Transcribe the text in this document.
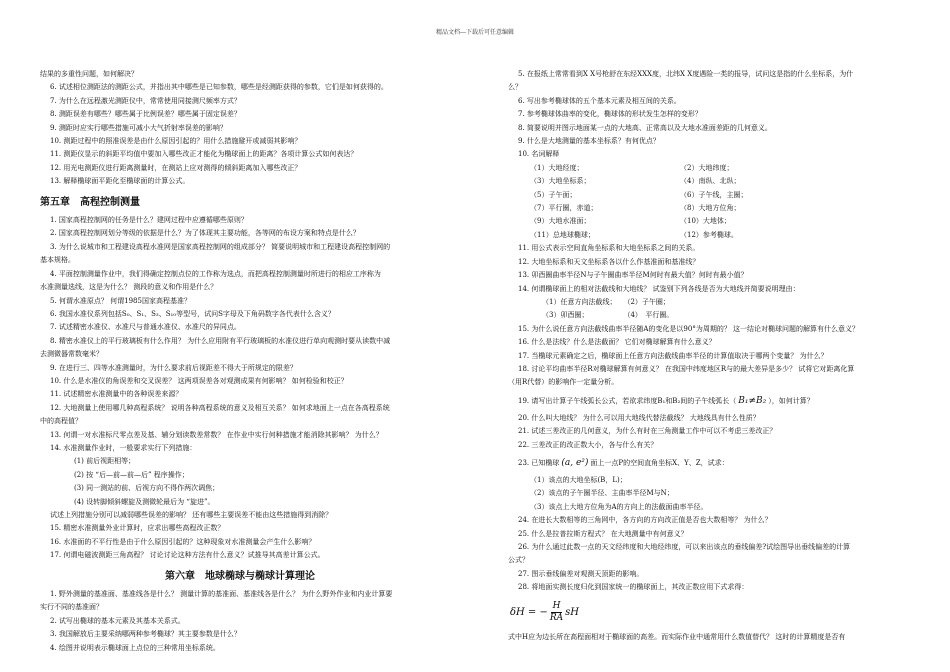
精品文档---下载后可任意编辑

结果的多重性问题，如何解决？

6. 试述相位测距法的测距公式，并指出其中哪些是已知参数，哪些是经测距获得的参数，它们是如何获得的。

7. 为什么在远程激光测距仪中，常常使用同接测尺频率方式？

8. 测距误差有哪些？哪些属于比例误差？哪些属于固定误差？

9. 测距时应实行哪些措施可减小大气折射率误差的影响？

10. 测距过程中的照准误差是由什么原因引起的？用什么措施避开或减弱其影响？

11. 测距仪显示的斜距平均值中要加入哪些改正才能化为椭球面上的距离？各项计算公式如何表达？

12. 用光电测距仪进行距离测量时，在测站上应对测得的倾斜距离加入哪些改正？

13. 解释椭球面平距化至椭球面的计算公式。

第五章　高程控制测量

1. 国家高程控制网的任务是什么？建网过程中应遵循哪些原则？

2. 国家高程控制网划分等级的依据是什么？为了体现其主要功能，各等网的布设方案和特点是什么？

3. 为什么说城市和工程建设高程水准网是国家高程控制网的组成部分？ 简要说明城市和工程建设高程控制网的

基本规格。

4. 平面控制测量作业中，我们得确定控制点位的工作称为选点，而把高程控制测量时所进行的相应工序称为

水准测量选线，这是为什么？ 测段的意义和作用是什么？

5. 何谓水准原点？ 何谓1985国家高程基准？

6. 我国水准仪系列包括S₀、S₁、S₃、S₁₀等型号，试问S字母及下角码数字各代表什么含义？

7. 试述精密水准仪、水准尺与普通水准仪、水准尺的异同点。

8. 精密水准仪上的平行玻璃板有什么作用？ 为什么应用附有平行玻璃板的水准仪进行单向观测时要从读数中减

去测微器常数毫米？

9. 在进行三、四等水准测量时，为什么要求前后视距差不得大于所规定的限差？

10. 什么是水准仪的角误差和交叉误差？ 这两项误差各对观测成果有何影响？ 如何检验和校正？

11. 试述精密水准测量中的各种误差来源？

12. 大地测量上使用哪几种高程系统？ 说明各种高程系统的意义及相互关系？ 如何求地面上一点在各高程系统

中的高程值？

13. 何谓一对水准标尺零点差及基、辅分划读数差常数？ 在作业中实行何种措施才能消除其影响？ 为什么？

14. 水准测量作业时，一般要求实行下列措施：

(1) 前后视距相等；

(2) 按 “后—前—前—后” 程序操作；

(3) 同一测站的前、后视方向不得作两次调焦；

(4) 设转脚倾斜螺旋及测微轮最后为 “旋进”。

试述上列措施分别可以减弱哪些误差的影响？ 还有哪些主要误差不能由这些措施得到消除？

15. 精密水准测量外业计算时，应求出哪些高程改正数？

16. 水准面的不平行性是由于什么原因引起的？这种现象对水准测量会产生什么影响？

17. 何谓电磁波测距三角高程？ 讨论讨论这种方法有什么意义？试推导其高差计算公式。

第六章　地球椭球与椭球计算理论

1. 野外测量的基准面、基准线各是什么？ 测量计算的基准面、基准线各是什么？ 为什么野外作业和内业计算要

实行不同的基准面？

2. 试写出椭球的基本元素及其基本关系式。

3. 我国解放后主要采纳哪两种参考椭球？其主要参数是什么？

4. 绘图并说明表示椭球面上点位的三种常用坐标系统。

5. 在报纸上常常看到X X号枪舒在东经XXX度，北纬X X度遇险一类的报导，试问这是指的什么坐标系，为什

么？

6. 写出参考椭球体的五个基本元素及相互间的关系。

7. 参考椭球体曲率的变化，椭球体的形状发生怎样的变形？

8. 简要说明并图示地面某一点的大地高、正常高以及大地水准面差距的几何意义。

9. 什么是大地测量的基本坐标系？有何优点？

10. 名词解释

（1）大地经度；	（2）大地纬度；
（3）大地坐标系；	（4）南纵、北纵；
（5）子午面；	（6）子午线，主圈；
（7）平行圈，赤道；	（8）大地方位角；
（9）大地水准面；	（10）大地体；
（11）总地球椭球；	（12）参考椭球。

11. 用公式表示空间直角坐标系和大地坐标系之间的关系。

12. 大地坐标系和天文坐标系各以什么作基准面和基准线？

13. 卯酉圈曲率半径N与子午圈曲率半径M何时有最大值？何时有最小值？

14. 何谓椭球面上的相对法截线和大地线？ 试鉴别下列各线是否为大地线并简要说明理由：

（1）任意方向法截线；　　（2）子午圈；

（3）卯酉圈；　　　　　　（4）　平行圈。

15. 为什么说任意方向法截线曲率半径随A的变化是以90°为周期的？ 这一结论对椭球问题的解算有什么意义？

16. 什么是法线？什么是法截面？ 它们对椭球解算有什么意义？

17. 当椭球元素确定之后，椭球面上任意方向法截线曲率半径的计算值取决于哪两个变量？ 为什么？

18. 讨论平均曲率半径R对椭球解算有何意义？ 在我国中纬度地区R与的最大差异是多少？ 试将它对距离化算

（用R代替）的影响作一定量分析。

19. 请写出计算子午线弧长公式，若欲求纬度B₁和B₂间的子午线弧长（ B₁≠B₂ ），如何计算？

20. 什么叫大地线？ 为什么可以用大地线代替法截线？ 大地线具有什么性质？

21. 试述三差改正的几何意义，为什么有时在三角测量工作中可以不考虑三差改正？

22. 三差改正的改正数大小，各与什么有关？

23. 已知椭球 (a, e²) 面上一点P的空间直角坐标X、Y、Z，试求：

（1）该点的大地坐标(B，L)；

（2）该点的子午圈半径、主曲率半径M与N；

（3）该点上大地方位角为A的方向上的法截面曲率半径。

24. 在进长大数相等的三角网中，各方向的方向改正值是否也大数相等？ 为什么？

25. 什么是拉普拉斯方程式？ 在大地测量中有何意义？

26. 为什么通过此数一点的天文经纬度和大地经纬度，可以来出该点的垂线偏差?试绘图导出垂线偏差的计算

公式？

27. 图示垂线偏差对观测天顶距的影响。

28. 将地面实测长度归化到国家统一的椭球面上，其改正数应用下式求得：

δH = − $\frac{H}{RA}$ sH

式中H应为边长所在高程面相对于椭球面的高差。而实际作业中通常用什么数值替代？ 这时的计算精度是否有
